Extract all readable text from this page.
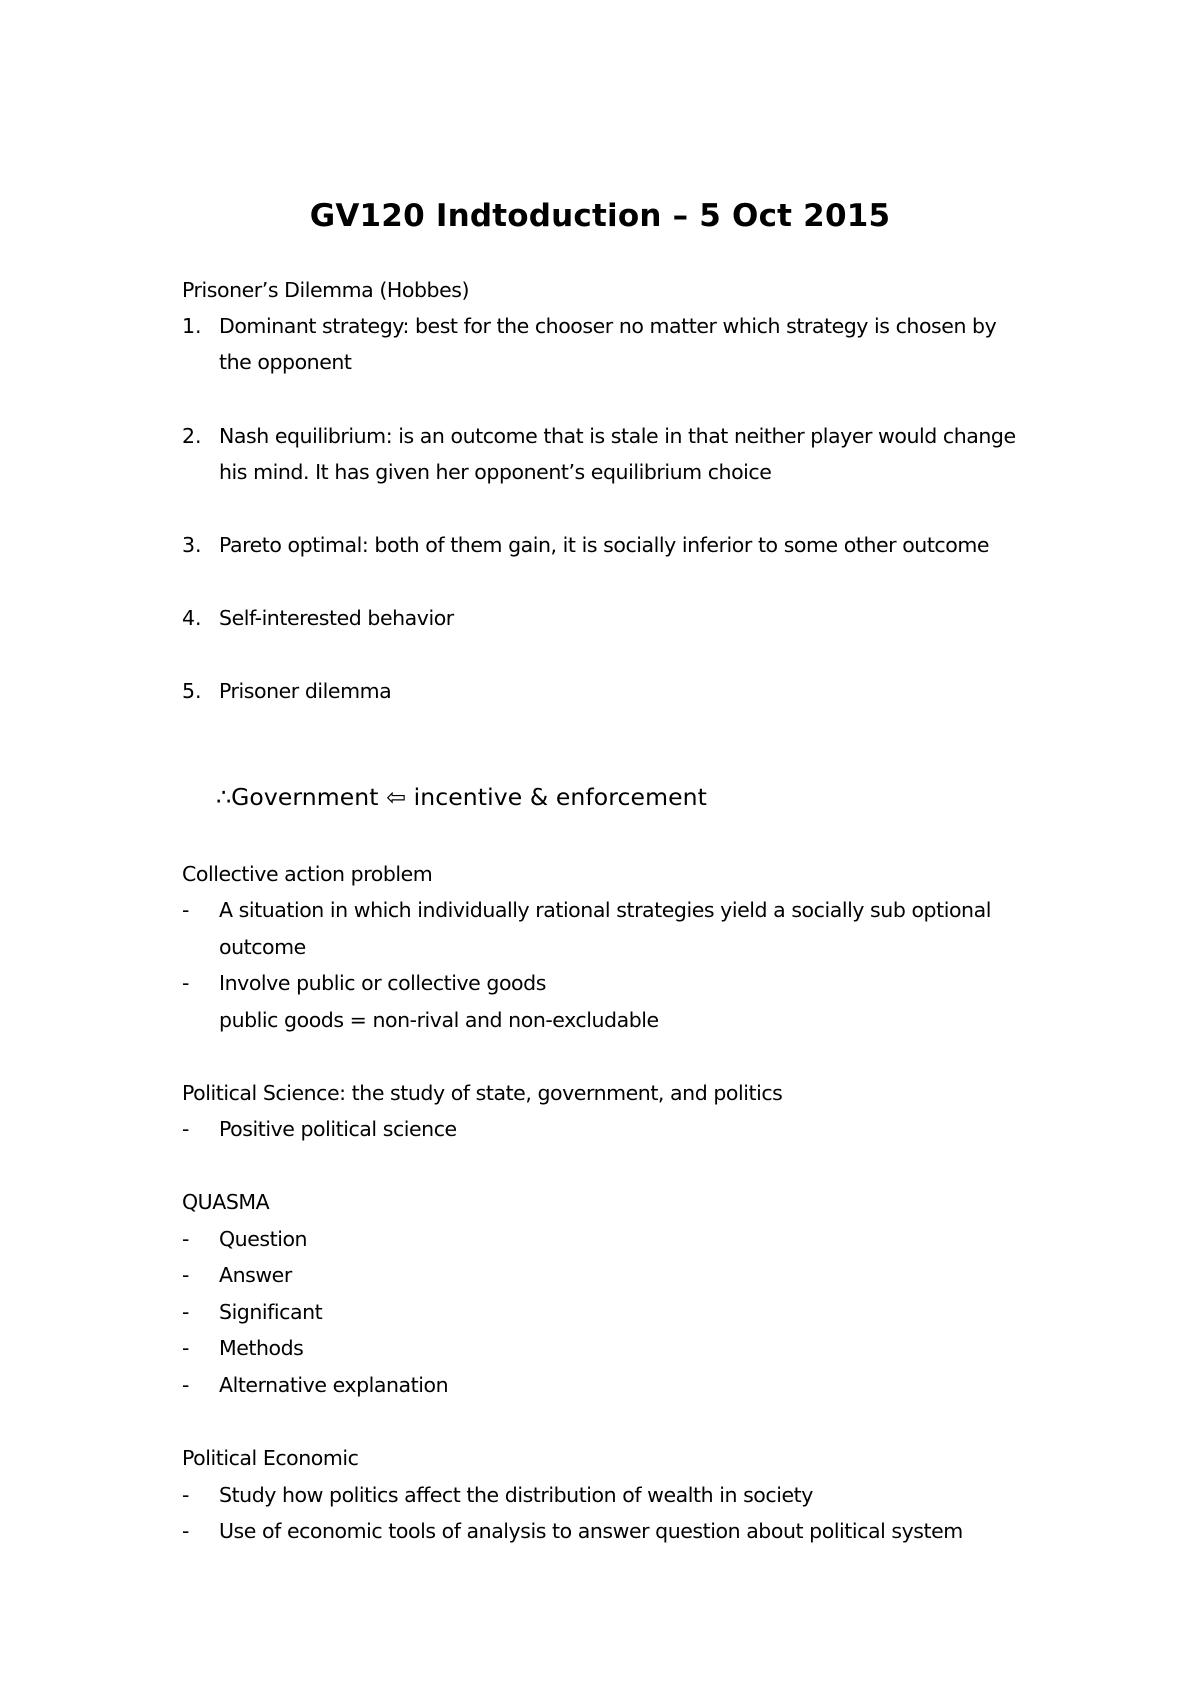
GV120 Indtoduction – 5 Oct 2015
Prisoner’s Dilemma (Hobbes)
1. Dominant strategy: best for the chooser no matter which strategy is chosen by
the opponent
2. Nash equilibrium: is an outcome that is stale in that neither player would change
his mind. It has given her opponent’s equilibrium choice
3. Pareto optimal: both of them gain, it is socially inferior to some other outcome
4. Self-interested behavior
5. Prisoner dilemma
∴Government ⇦ incentive & enforcement
Collective action problem
- A situation in which individually rational strategies yield a socially sub optional
outcome
- Involve public or collective goods
public goods = non-rival and non-excludable
Political Science: the study of state, government, and politics
- Positive political science
QUASMA
- Question
- Answer
- Significant
- Methods
- Alternative explanation
Political Economic
- Study how politics affect the distribution of wealth in society
- Use of economic tools of analysis to answer question about political system
